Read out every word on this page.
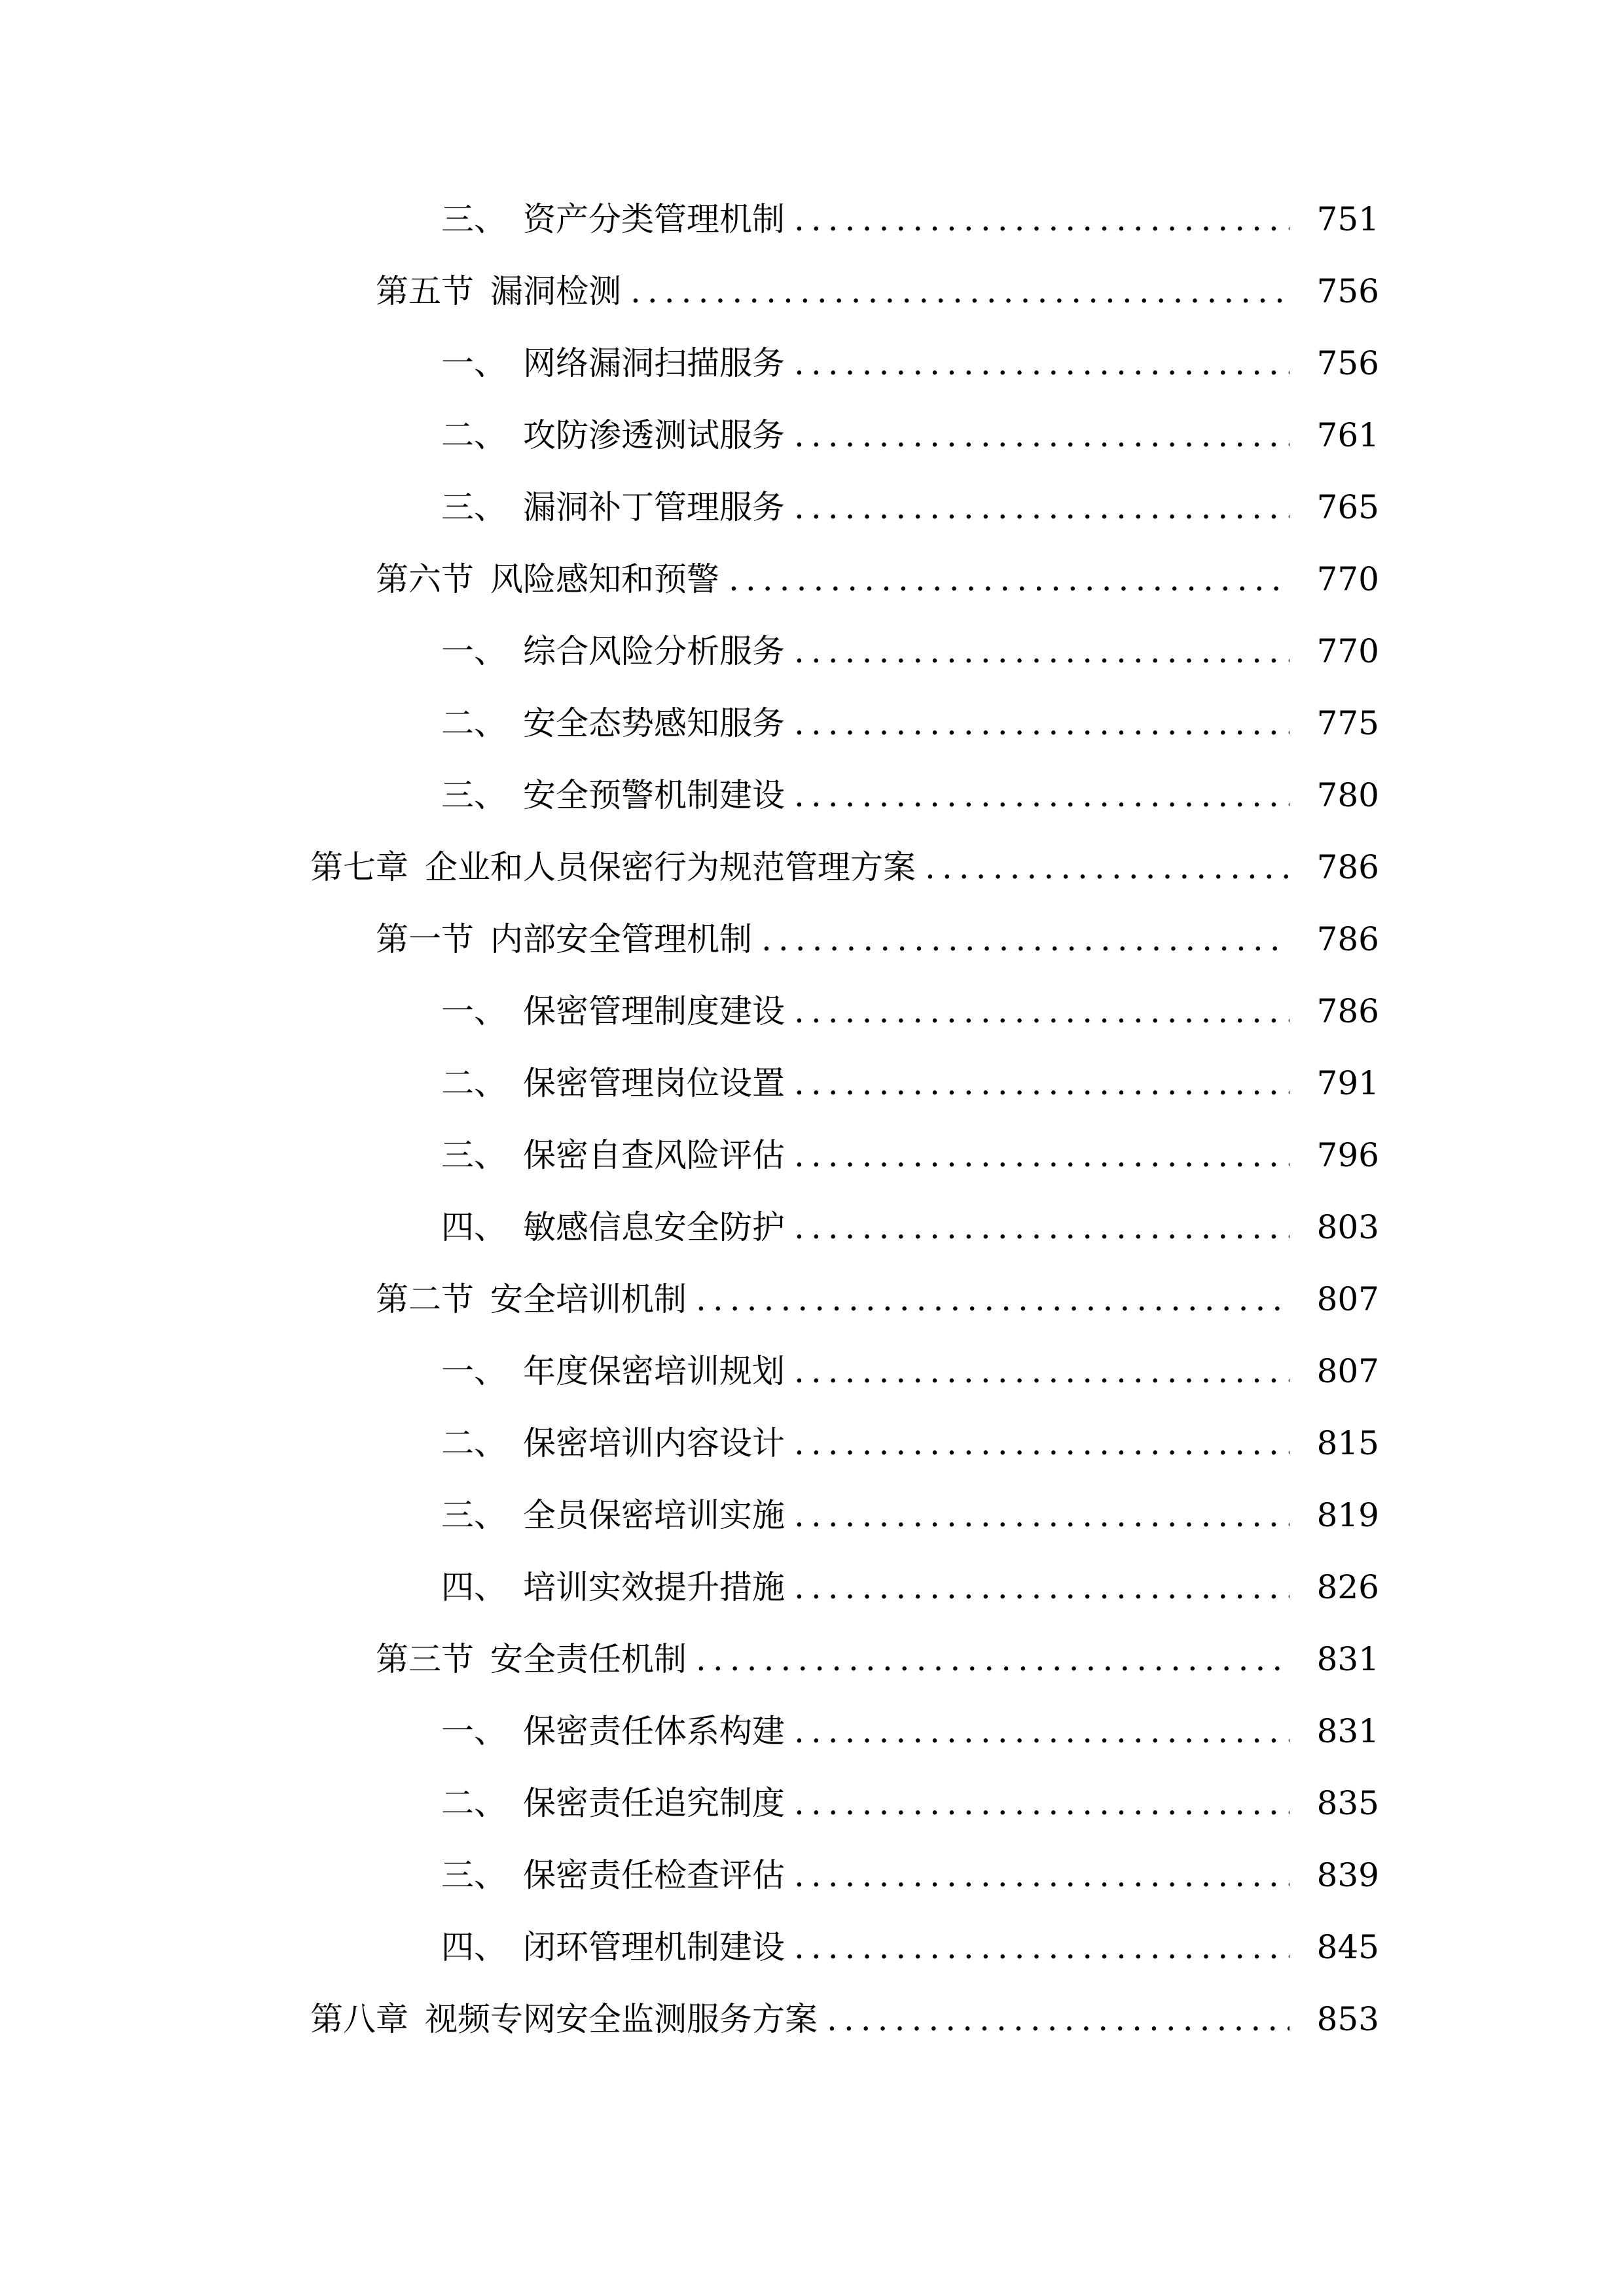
三、 资产分类管理机制 .....	751
第五节 漏洞检测 .....	756
一、 网络漏洞扫描服务 .....	756
二、 攻防渗透测试服务 .....	761
三、 漏洞补丁管理服务 .....	765
第六节 风险感知和预警 .....	770
一、 综合风险分析服务 .....	770
二、 安全态势感知服务 .....	775
三、 安全预警机制建设 .....	780
第七章 企业和人员保密行为规范管理方案 .....	786
第一节 内部安全管理机制 .....	786
一、 保密管理制度建设 .....	786
二、 保密管理岗位设置 .....	791
三、 保密自查风险评估 .....	796
四、 敏感信息安全防护 .....	803
第二节 安全培训机制 .....	807
一、 年度保密培训规划 .....	807
二、 保密培训内容设计 .....	815
三、 全员保密培训实施 .....	819
四、 培训实效提升措施 .....	826
第三节 安全责任机制 .....	831
一、 保密责任体系构建 .....	831
二、 保密责任追究制度 .....	835
三、 保密责任检查评估 .....	839
四、 闭环管理机制建设 .....	845
第八章 视频专网安全监测服务方案 .....	853
